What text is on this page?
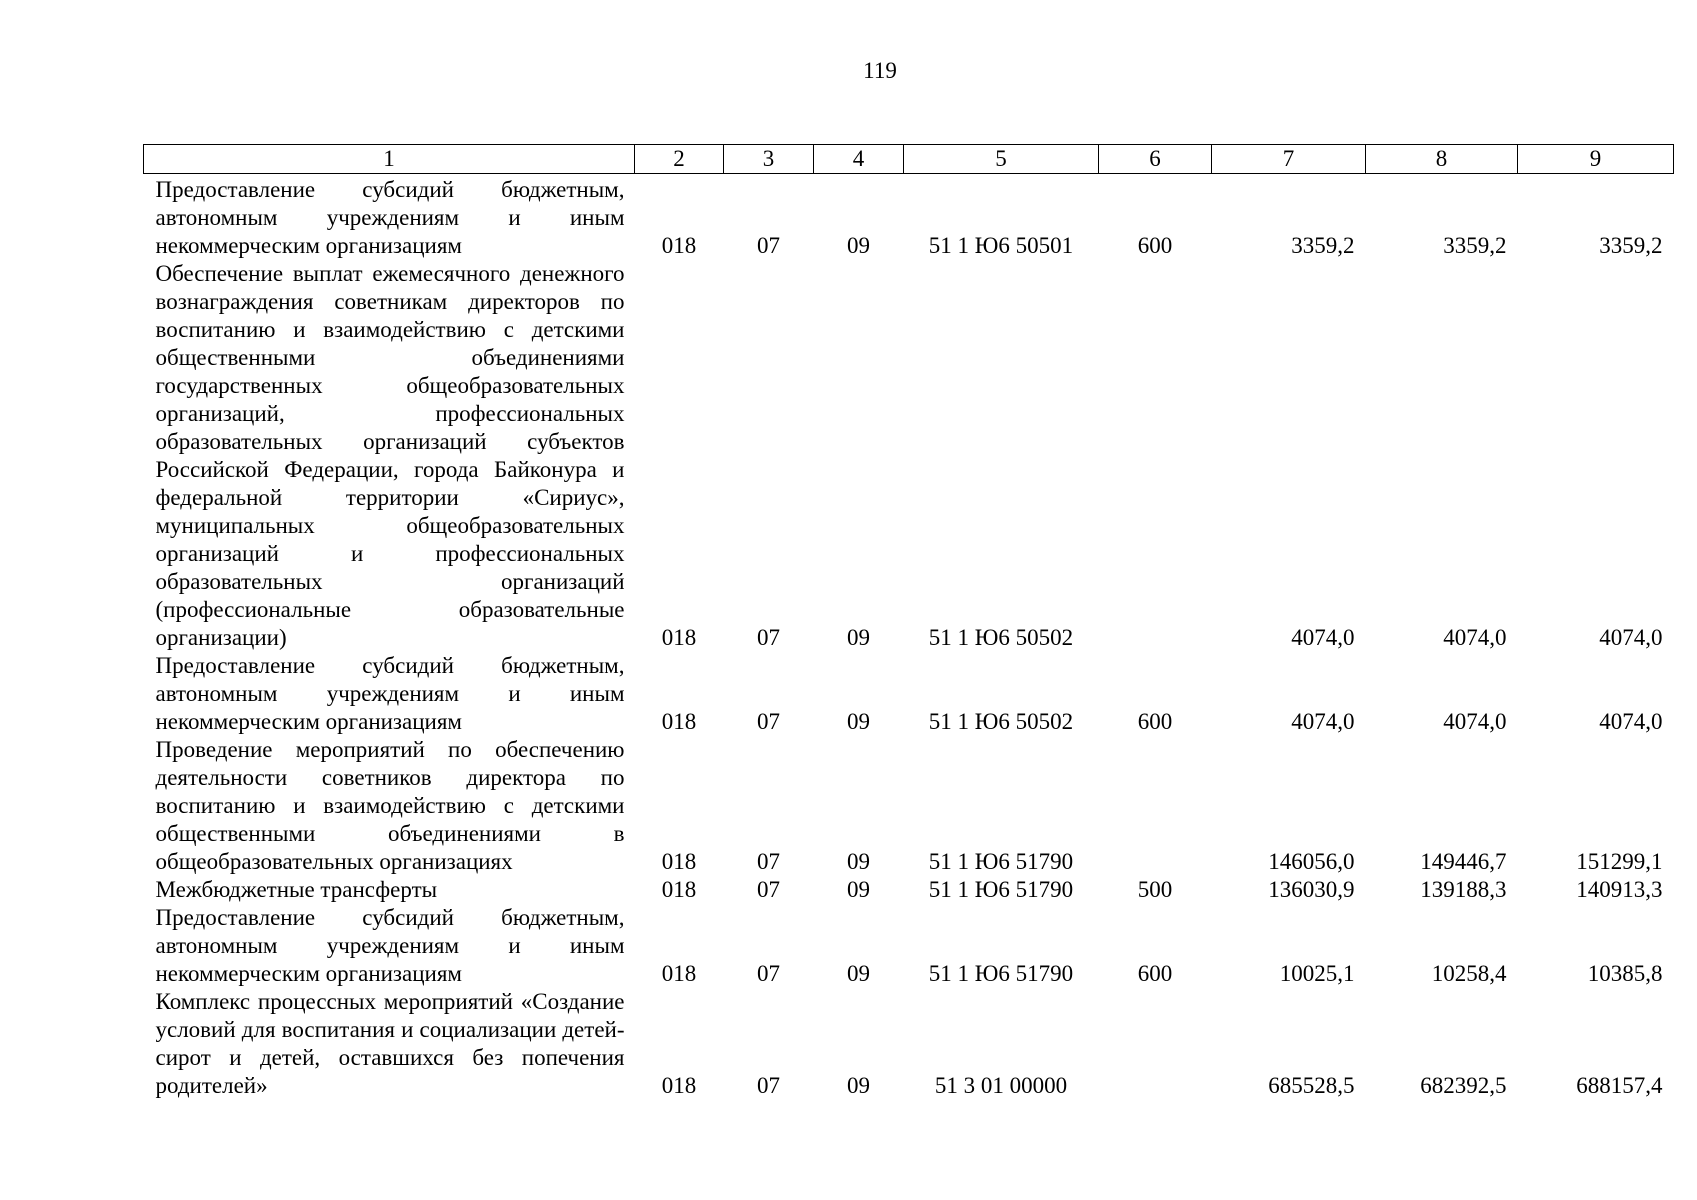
119
1	2	3	4	5	6	7	8	9
Предоставление субсидий бюджетным, автономным учреждениям и иным некоммерческим организациям	018	07	09	51 1 Ю6 50501	600	3359,2	3359,2	3359,2
Обеспечение выплат ежемесячного денежного вознаграждения советникам директоров по воспитанию и взаимодействию с детскими общественными объединениями государственных общеобразовательных организаций, профессиональных образовательных организаций субъектов Российской Федерации, города Байконура и федеральной территории «Сириус», муниципальных общеобразовательных организаций и профессиональных образовательных организаций (профессиональные образовательные организации)	018	07	09	51 1 Ю6 50502		4074,0	4074,0	4074,0
Предоставление субсидий бюджетным, автономным учреждениям и иным некоммерческим организациям	018	07	09	51 1 Ю6 50502	600	4074,0	4074,0	4074,0
Проведение мероприятий по обеспечению деятельности советников директора по воспитанию и взаимодействию с детскими общественными объединениями в общеобразовательных организациях	018	07	09	51 1 Ю6 51790		146056,0	149446,7	151299,1
Межбюджетные трансферты	018	07	09	51 1 Ю6 51790	500	136030,9	139188,3	140913,3
Предоставление субсидий бюджетным, автономным учреждениям и иным некоммерческим организациям	018	07	09	51 1 Ю6 51790	600	10025,1	10258,4	10385,8
Комплекс процессных мероприятий «Создание условий для воспитания и социализации детей-сирот и детей, оставшихся без попечения родителей»	018	07	09	51 3 01 00000		685528,5	682392,5	688157,4
